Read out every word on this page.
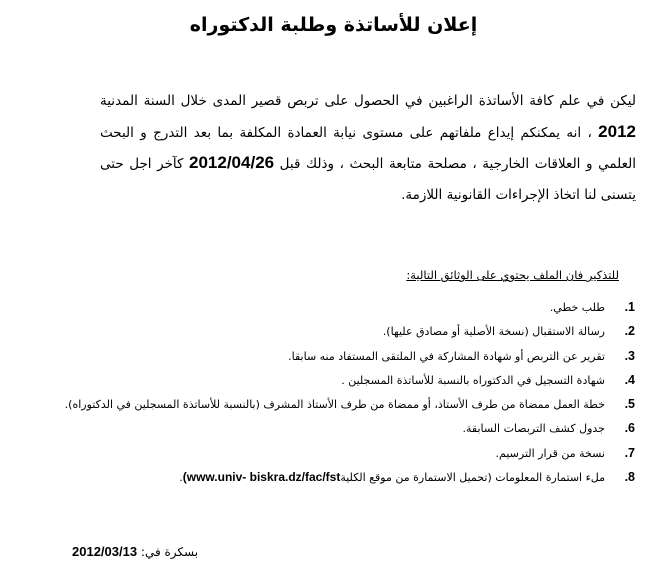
إعلان للأساتذة وطلبة الدكتوراه
ليكن في علم كافة الأساتذة الراغبين في الحصول على تربص قصير المدى خلال السنة المدنية 2012 ، انه يمكنكم إيداع ملفاتهم على مستوى نيابة العمادة المكلفة بما بعد التدرج و البحث العلمي و العلاقات الخارجية ، مصلحة متابعة البحث ، وذلك قبل 2012/04/26 كآخر اجل حتى يتسنى لنا اتخاذ الإجراءات القانونية اللازمة.
للتذكير فان الملف يحتوي على الوثائق التالية:
1.
طلب خطي.
2.
رسالة الاستقبال (نسخة الأصلية أو مصادق عليها).
3.
تقرير عن التربص أو شهادة المشاركة في الملتقى المستفاد منه سابقا.
4.
شهادة التسجيل في الدكتوراه بالنسبة للأساتذة المسجلين .
5.
خطة العمل ممضاة من طرف الأستاذ، أو ممضاة من طرف الأستاذ المشرف (بالنسبة للأساتذة المسجلين في الدكتوراه).
6.
جدول كشف التربصات السابقة.
7.
نسخة من قرار الترسيم.
8.
ملء استمارة المعلومات (تحميل الاستمارة من موقع الكلية
(www.univ- biskra.dz/fac/fst
.
بسكرة في: 2012/03/13
